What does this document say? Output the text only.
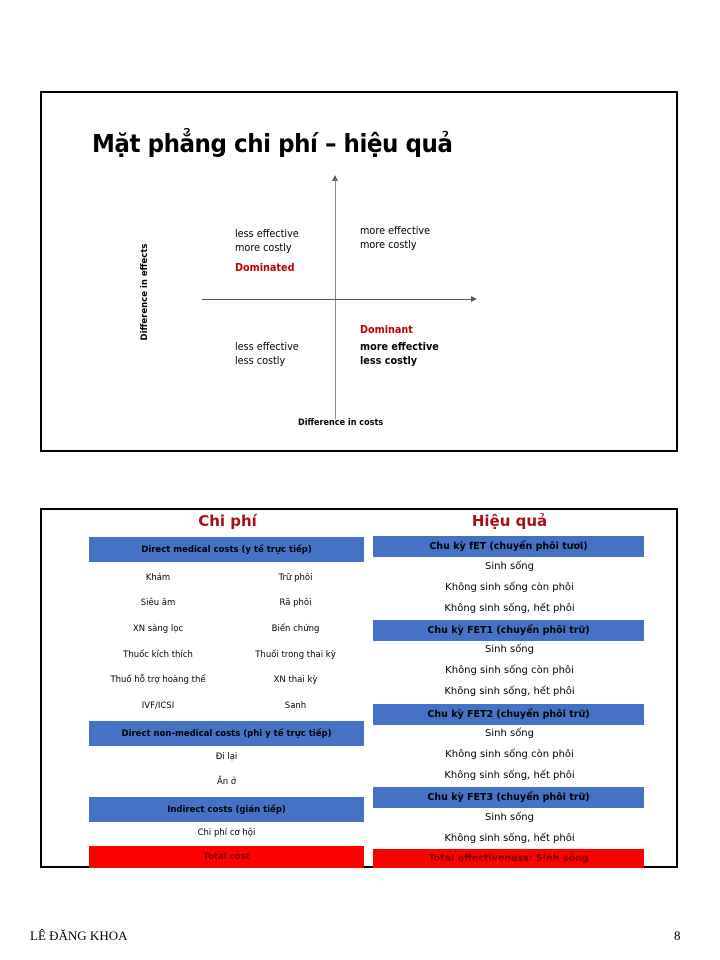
Mặt phẳng chi phí – hiệu quả
less effective
more costly
Dominated
more effective
more costly
less effective
less costly
Dominant
more effective
less costly
Difference in costs
Difference in effects
Chi phí	Hiệu quả
Direct medical costs (y tế trực tiếp)
Khám	Trữ phôi
Siêu âm	Rã phôi
XN sàng lọc	Biến chứng
Thuốc kích thích	Thuối trong thai kỳ
Thuố hỗ trợ hoàng thể	XN thai kỳ
IVF/ICSI	Sanh
Direct non-medical costs (phi y tế trực tiếp)
Đi lại
Ăn ở
Indirect costs (gián tiếp)
Chi phí cơ hội
Total cost
Chu kỳ fET (chuyển phôi tươi)
Sinh sống
Không sinh sống còn phôi
Không sinh sống, hết phôi
Chu kỳ FET1 (chuyển phôi trữ)
Sinh sống
Không sinh sống còn phôi
Không sinh sống, hết phôi
Chu kỳ FET2 (chuyển phôi trữ)
Sinh sống
Không sinh sống còn phôi
Không sinh sống, hết phôi
Chu kỳ FET3 (chuyển phôi trữ)
Sinh sống
Không sinh sống, hết phôi
Total effectiveness: Sinh sống
LÊ ĐĂNG KHOA	8
